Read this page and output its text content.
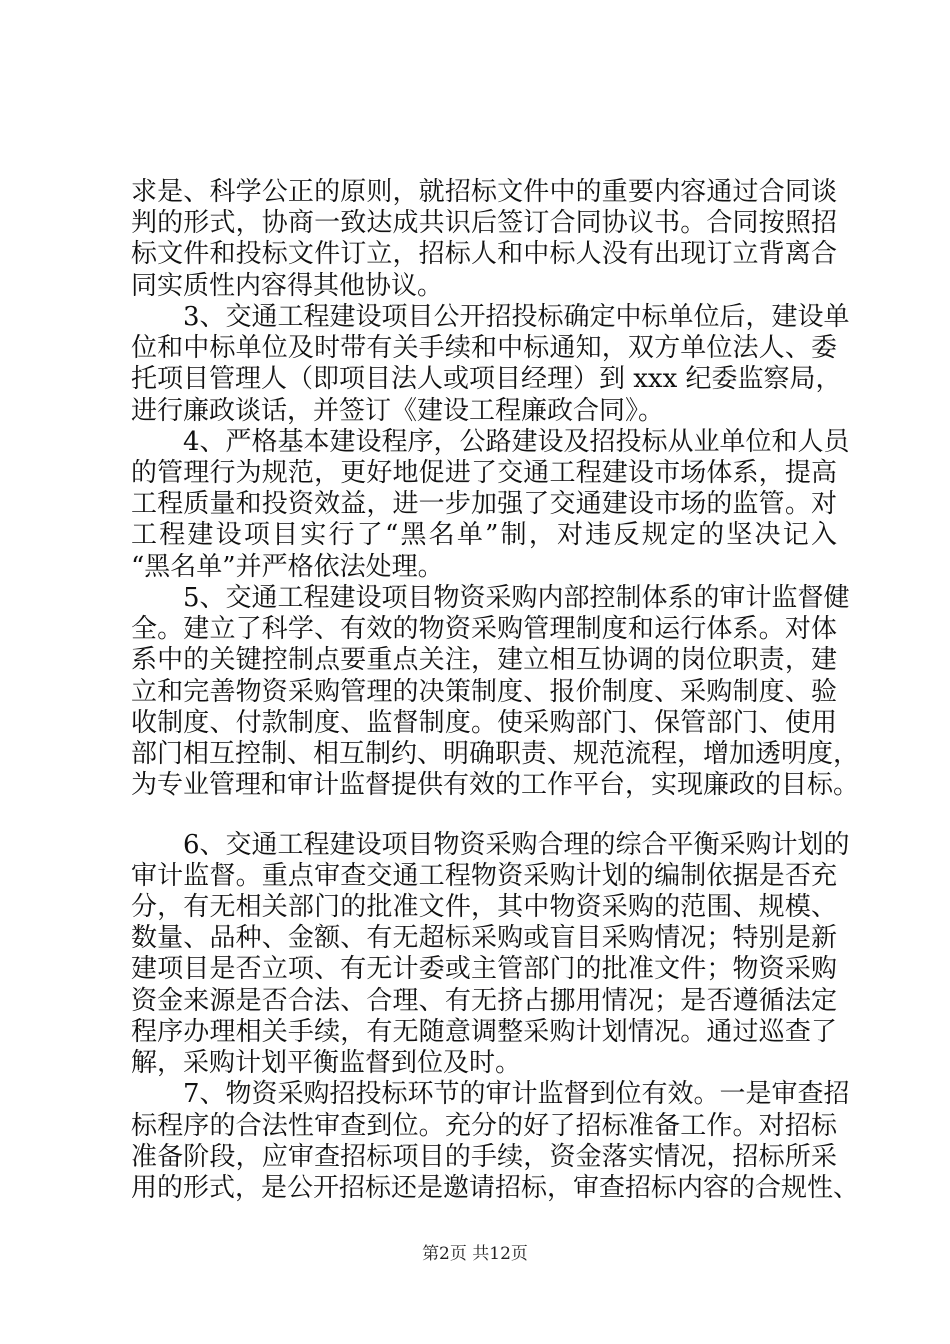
求是、科学公正的原则，就招标文件中的重要内容通过合同谈
判的形式，协商一致达成共识后签订合同协议书。合同按照招
标文件和投标文件订立，招标人和中标人没有出现订立背离合
同实质性内容得其他协议。
　　3、交通工程建设项目公开招投标确定中标单位后，建设单
位和中标单位及时带有关手续和中标通知，双方单位法人、委
托项目管理人（即项目法人或项目经理）到 xxx 纪委监察局，
进行廉政谈话，并签订《建设工程廉政合同》。
　　4、严格基本建设程序，公路建设及招投标从业单位和人员
的管理行为规范，更好地促进了交通工程建设市场体系，提高
工程质量和投资效益，进一步加强了交通建设市场的监管。对
工程建设项目实行了“黑名单”制，对违反规定的坚决记入
“黑名单”并严格依法处理。
　　5、交通工程建设项目物资采购内部控制体系的审计监督健
全。建立了科学、有效的物资采购管理制度和运行体系。对体
系中的关键控制点要重点关注，建立相互协调的岗位职责，建
立和完善物资采购管理的决策制度、报价制度、采购制度、验
收制度、付款制度、监督制度。使采购部门、保管部门、使用
部门相互控制、相互制约、明确职责、规范流程，增加透明度，
为专业管理和审计监督提供有效的工作平台，实现廉政的目标。
　　6、交通工程建设项目物资采购合理的综合平衡采购计划的
审计监督。重点审查交通工程物资采购计划的编制依据是否充
分，有无相关部门的批准文件，其中物资采购的范围、规模、
数量、品种、金额、有无超标采购或盲目采购情况；特别是新
建项目是否立项、有无计委或主管部门的批准文件；物资采购
资金来源是否合法、合理、有无挤占挪用情况；是否遵循法定
程序办理相关手续，有无随意调整采购计划情况。通过巡查了
解，采购计划平衡监督到位及时。
　　7、物资采购招投标环节的审计监督到位有效。一是审查招
标程序的合法性审查到位。充分的好了招标准备工作。对招标
准备阶段，应审查招标项目的手续，资金落实情况，招标所采
用的形式，是公开招标还是邀请招标，审查招标内容的合规性、
第2页 共12页
